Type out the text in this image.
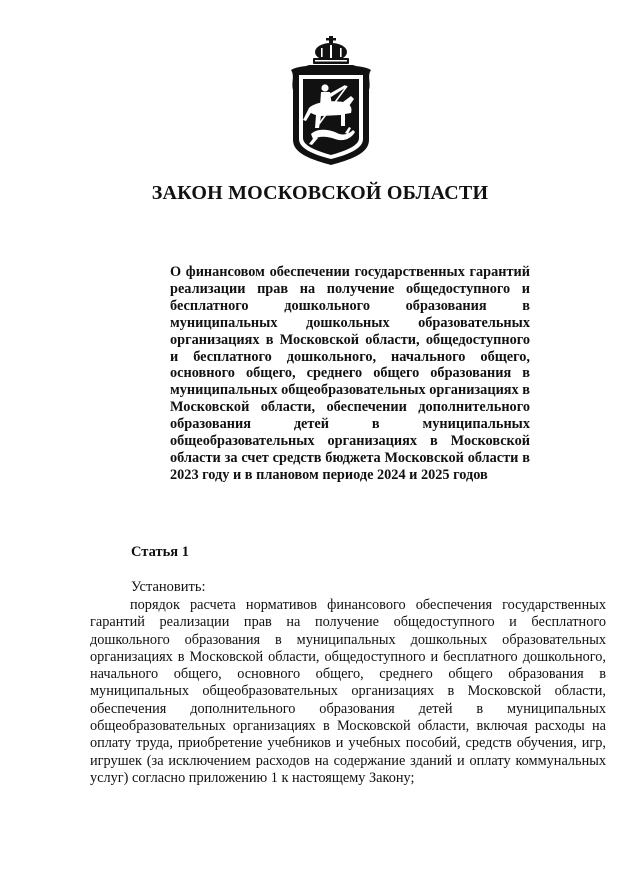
ЗАКОН МОСКОВСКОЙ ОБЛАСТИ

О финансовом обеспечении государственных гарантий реализации прав на получение общедоступного и бесплатного дошкольного образования в муниципальных дошкольных образовательных организациях в Московской области, общедоступного и бесплатного дошкольного, начального общего, основного общего, среднего общего образования в муниципальных общеобразовательных организациях в Московской области, обеспечении дополнительного образования детей в муниципальных общеобразовательных организациях в Московской области за счет средств бюджета Московской области в 2023 году и в плановом периоде 2024 и 2025 годов

Статья 1

Установить:

порядок расчета нормативов финансового обеспечения государственных гарантий реализации прав на получение общедоступного и бесплатного дошкольного образования в муниципальных дошкольных образовательных организациях в Московской области, общедоступного и бесплатного дошкольного, начального общего, основного общего, среднего общего образования в муниципальных общеобразовательных организациях в Московской области, обеспечения дополнительного образования детей в муниципальных общеобразовательных организациях в Московской области, включая расходы на оплату труда, приобретение учебников и учебных пособий, средств обучения, игр, игрушек (за исключением расходов на содержание зданий и оплату коммунальных услуг) согласно приложению 1 к настоящему Закону;
